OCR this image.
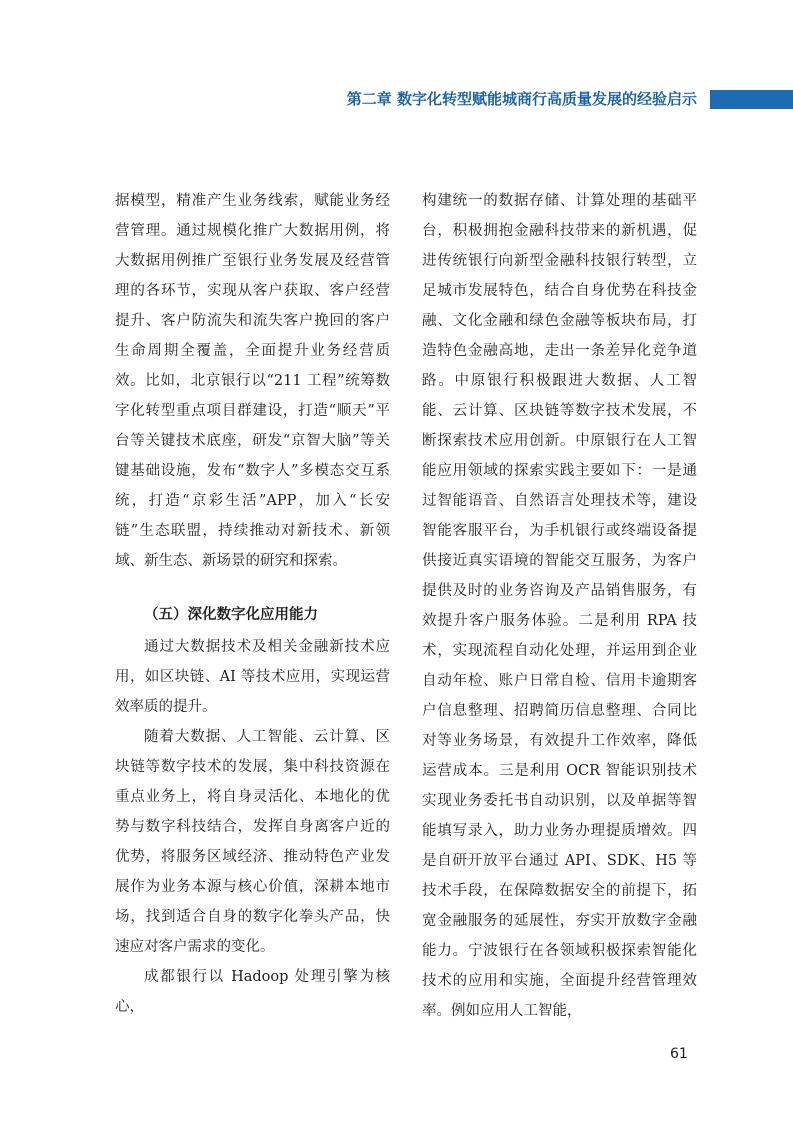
第二章 数字化转型赋能城商行高质量发展的经验启示

据模型，精准产生业务线索，赋能业务经营管理。通过规模化推广大数据用例，将大数据用例推广至银行业务发展及经营管理的各环节，实现从客户获取、客户经营提升、客户防流失和流失客户挽回的客户生命周期全覆盖，全面提升业务经营质效。比如，北京银行以“211 工程”统筹数字化转型重点项目群建设，打造“顺天”平台等关键技术底座，研发“京智大脑”等关键基础设施，发布“数字人”多模态交互系统，打造“京彩生活”APP，加入“长安链”生态联盟，持续推动对新技术、新领域、新生态、新场景的研究和探索。

（五）深化数字化应用能力

通过大数据技术及相关金融新技术应用，如区块链、AI 等技术应用，实现运营效率质的提升。

随着大数据、人工智能、云计算、区块链等数字技术的发展，集中科技资源在重点业务上，将自身灵活化、本地化的优势与数字科技结合，发挥自身离客户近的优势，将服务区域经济、推动特色产业发展作为业务本源与核心价值，深耕本地市场，找到适合自身的数字化拳头产品，快速应对客户需求的变化。

成都银行以 Hadoop 处理引擎为核心，

构建统一的数据存储、计算处理的基础平台，积极拥抱金融科技带来的新机遇，促进传统银行向新型金融科技银行转型，立足城市发展特色，结合自身优势在科技金融、文化金融和绿色金融等板块布局，打造特色金融高地，走出一条差异化竞争道路。中原银行积极跟进大数据、人工智能、云计算、区块链等数字技术发展，不断探索技术应用创新。中原银行在人工智能应用领域的探索实践主要如下：一是通过智能语音、自然语言处理技术等，建设智能客服平台，为手机银行或终端设备提供接近真实语境的智能交互服务，为客户提供及时的业务咨询及产品销售服务，有效提升客户服务体验。二是利用 RPA 技术，实现流程自动化处理，并运用到企业自动年检、账户日常自检、信用卡逾期客户信息整理、招聘简历信息整理、合同比对等业务场景，有效提升工作效率，降低运营成本。三是利用 OCR 智能识别技术实现业务委托书自动识别，以及单据等智能填写录入，助力业务办理提质增效。四是自研开放平台通过 API、SDK、H5 等技术手段，在保障数据安全的前提下，拓宽金融服务的延展性，夯实开放数字金融能力。宁波银行在各领域积极探索智能化技术的应用和实施，全面提升经营管理效率。例如应用人工智能，

61
